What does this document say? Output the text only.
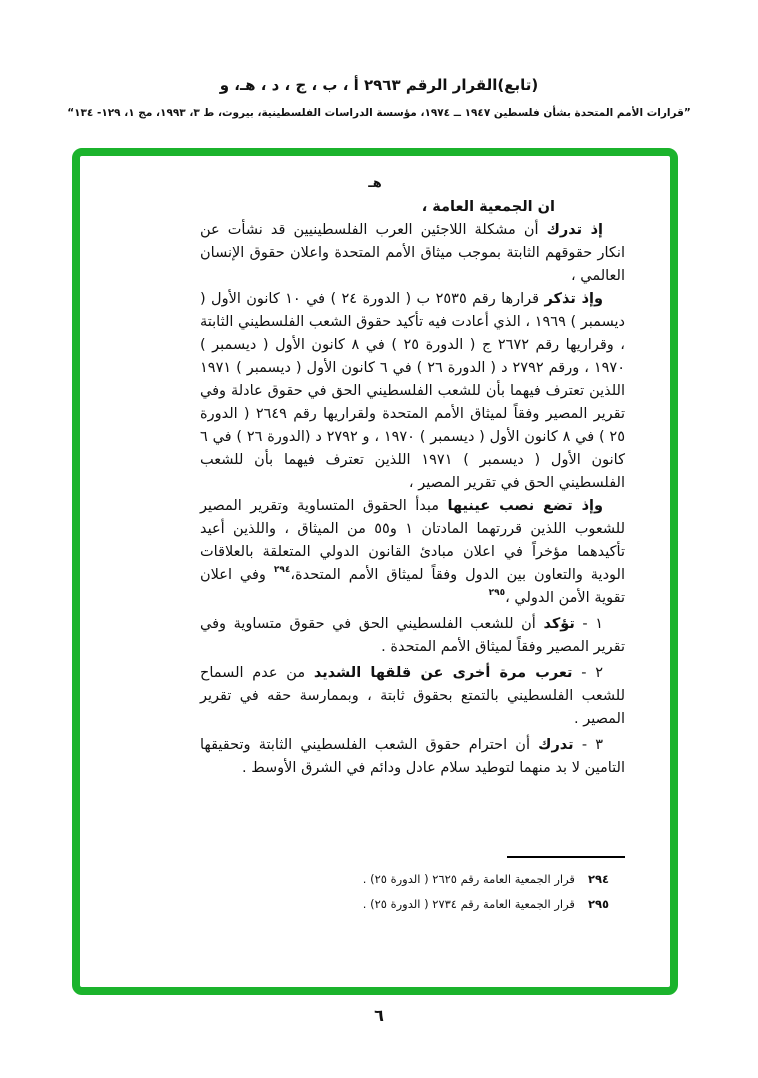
(تابع)القرار الرقم ٢٩٦٣ أ ، ب ، ج ، د ، هـ، و
”قرارات الأمم المتحدة بشأن فلسطين ١٩٤٧ ــ ١٩٧٤، مؤسسة الدراسات الفلسطينية، بيروت، ط ٣، ١٩٩٣، مج ١، ١٢٩- ١٣٤“
هـ

ان الجمعية العامة ،

إذ تدرك أن مشكلة اللاجئين العرب الفلسطينيين قد نشأت عن انكار حقوقهم الثابتة بموجب ميثاق الأمم المتحدة واعلان حقوق الإنسان العالمي ،

وإذ تذكر قرارها رقم ٢٥٣٥ ب ( الدورة ٢٤ ) في ١٠ كانون الأول ( ديسمبر ) ١٩٦٩ ، الذي أعادت فيه تأكيد حقوق الشعب الفلسطيني الثابتة ، وقراريها رقم ٢٦٧٢ ج ( الدورة ٢٥ ) في ٨ كانون الأول ( ديسمبر ) ١٩٧٠ ، ورقم ٢٧٩٢ د ( الدورة ٢٦ ) في ٦ كانون الأول ( ديسمبر ) ١٩٧١ اللذين تعترف فيهما بأن للشعب الفلسطيني الحق في حقوق عادلة وفي تقرير المصير وفقاً لميثاق الأمم المتحدة ولقراريها رقم ٢٦٤٩ ( الدورة ٢٥ ) في ٨ كانون الأول ( ديسمبر ) ١٩٧٠ ، و ٢٧٩٢ د (الدورة ٢٦ ) في ٦ كانون الأول ( ديسمبر ) ١٩٧١ اللذين تعترف فيهما بأن للشعب الفلسطيني الحق في تقرير المصير ،

وإذ تضع نصب عينيها مبدأ الحقوق المتساوية وتقرير المصير للشعوب اللذين قررتهما المادتان ١ و٥٥ من الميثاق ، واللذين أعيد تأكيدهما مؤخراً في اعلان مبادئ القانون الدولي المتعلقة بالعلاقات الودية والتعاون بين الدول وفقاً لميثاق الأمم المتحدة،$^{٢٩٤}$ وفي اعلان تقوية الأمن الدولي ،$^{٢٩٥}$

١ - تؤكد أن للشعب الفلسطيني الحق في حقوق متساوية وفي تقرير المصير وفقاً لميثاق الأمم المتحدة .

٢ - تعرب مرة أخرى عن قلقها الشديد من عدم السماح للشعب الفلسطيني بالتمتع بحقوق ثابتة ، وبممارسة حقه في تقرير المصير .

٣ - تدرك أن احترام حقوق الشعب الفلسطيني الثابتة وتحقيقها التامين لا بد منهما لتوطيد سلام عادل ودائم في الشرق الأوسط .

٢٩٤قرار الجمعية العامة رقم ٢٦٢٥ ( الدورة ٢٥) .
٢٩٥قرار الجمعية العامة رقم ٢٧٣٤ ( الدورة ٢٥) .
٦
